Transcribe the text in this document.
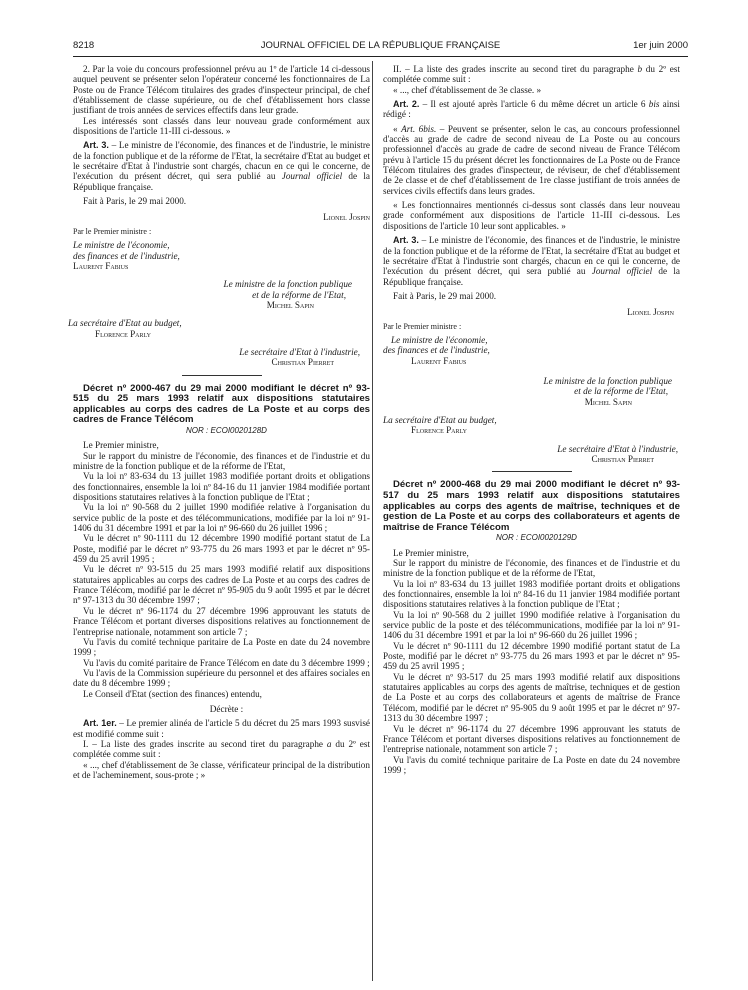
8218	JOURNAL OFFICIEL DE LA RÉPUBLIQUE FRANÇAISE	1er juin 2000

2. Par la voie du concours professionnel prévu au 1º de l'article 14 ci-dessous auquel peuvent se présenter selon l'opérateur concerné les fonctionnaires de La Poste ou de France Télécom titulaires des grades d'inspecteur principal, de chef d'établissement de classe supérieure, ou de chef d'établissement hors classe justifiant de trois années de services effectifs dans leur grade.

Les intéressés sont classés dans leur nouveau grade conformément aux dispositions de l'article 11-III ci-dessous. »

Art. 3. – Le ministre de l'économie, des finances et de l'industrie, le ministre de la fonction publique et de la réforme de l'Etat, la secrétaire d'Etat au budget et le secrétaire d'Etat à l'industrie sont chargés, chacun en ce qui le concerne, de l'exécution du présent décret, qui sera publié au Journal officiel de la République française.

Fait à Paris, le 29 mai 2000.

Lionel Jospin

Par le Premier ministre :

Le ministre de l'économie,

des finances et de l'industrie,

Laurent Fabius

Le ministre de la fonction publique

et de la réforme de l'Etat,

Michel Sapin

La secrétaire d'Etat au budget,

Florence Parly

Le secrétaire d'Etat à l'industrie,

Christian Pierret

Décret nº 2000-467 du 29 mai 2000 modifiant le décret nº 93-515 du 25 mars 1993 relatif aux dispositions statutaires applicables au corps des cadres de La Poste et au corps des cadres de France Télécom

NOR : ECOI0020128D

Le Premier ministre,

Sur le rapport du ministre de l'économie, des finances et de l'industrie et du ministre de la fonction publique et de la réforme de l'Etat,

Vu la loi nº 83-634 du 13 juillet 1983 modifiée portant droits et obligations des fonctionnaires, ensemble la loi nº 84-16 du 11 janvier 1984 modifiée portant dispositions statutaires relatives à la fonction publique de l'Etat ;

Vu la loi nº 90-568 du 2 juillet 1990 modifiée relative à l'organisation du service public de la poste et des télécommunications, modifiée par la loi nº 91-1406 du 31 décembre 1991 et par la loi nº 96-660 du 26 juillet 1996 ;

Vu le décret nº 90-1111 du 12 décembre 1990 modifié portant statut de La Poste, modifié par le décret nº 93-775 du 26 mars 1993 et par le décret nº 95-459 du 25 avril 1995 ;

Vu le décret nº 93-515 du 25 mars 1993 modifié relatif aux dispositions statutaires applicables au corps des cadres de La Poste et au corps des cadres de France Télécom, modifié par le décret nº 95-905 du 9 août 1995 et par le décret nº 97-1313 du 30 décembre 1997 ;

Vu le décret nº 96-1174 du 27 décembre 1996 approuvant les statuts de France Télécom et portant diverses dispositions relatives au fonctionnement de l'entreprise nationale, notamment son article 7 ;

Vu l'avis du comité technique paritaire de La Poste en date du 24 novembre 1999 ;

Vu l'avis du comité paritaire de France Télécom en date du 3 décembre 1999 ;

Vu l'avis de la Commission supérieure du personnel et des affaires sociales en date du 8 décembre 1999 ;

Le Conseil d'Etat (section des finances) entendu,

Décrète :

Art. 1er. – Le premier alinéa de l'article 5 du décret du 25 mars 1993 susvisé est modifié comme suit :

I. – La liste des grades inscrite au second tiret du paragraphe a du 2º est complétée comme suit :

« ..., chef d'établissement de 3e classe, vérificateur principal de la distribution et de l'acheminement, sous-prote ; »

II. – La liste des grades inscrite au second tiret du paragraphe b du 2º est complétée comme suit :

« ..., chef d'établissement de 3e classe. »

Art. 2. – Il est ajouté après l'article 6 du même décret un article 6 bis ainsi rédigé :

« Art. 6bis. – Peuvent se présenter, selon le cas, au concours professionnel d'accès au grade de cadre de second niveau de La Poste ou au concours professionnel d'accès au grade de cadre de second niveau de France Télécom prévu à l'article 15 du présent décret les fonctionnaires de La Poste ou de France Télécom titulaires des grades d'inspecteur, de réviseur, de chef d'établissement de 2e classe et de chef d'établissement de 1re classe justifiant de trois années de services civils effectifs dans leurs grades.

« Les fonctionnaires mentionnés ci-dessus sont classés dans leur nouveau grade conformément aux dispositions de l'article 11-III ci-dessous. Les dispositions de l'article 10 leur sont applicables. »

Art. 3. – Le ministre de l'économie, des finances et de l'industrie, le ministre de la fonction publique et de la réforme de l'Etat, la secrétaire d'Etat au budget et le secrétaire d'Etat à l'industrie sont chargés, chacun en ce qui le concerne, de l'exécution du présent décret, qui sera publié au Journal officiel de la République française.

Fait à Paris, le 29 mai 2000.

Lionel Jospin

Par le Premier ministre :

Le ministre de l'économie,

des finances et de l'industrie,

Laurent Fabius

Le ministre de la fonction publique

et de la réforme de l'Etat,

Michel Sapin

La secrétaire d'Etat au budget,

Florence Parly

Le secrétaire d'Etat à l'industrie,

Christian Pierret

Décret nº 2000-468 du 29 mai 2000 modifiant le décret nº 93-517 du 25 mars 1993 relatif aux dispositions statutaires applicables au corps des agents de maîtrise, techniques et de gestion de La Poste et au corps des collaborateurs et agents de maîtrise de France Télécom

NOR : ECOI0020129D

Le Premier ministre,

Sur le rapport du ministre de l'économie, des finances et de l'industrie et du ministre de la fonction publique et de la réforme de l'Etat,

Vu la loi nº 83-634 du 13 juillet 1983 modifiée portant droits et obligations des fonctionnaires, ensemble la loi nº 84-16 du 11 janvier 1984 modifiée portant dispositions statutaires relatives à la fonction publique de l'Etat ;

Vu la loi nº 90-568 du 2 juillet 1990 modifiée relative à l'organisation du service public de la poste et des télécommunications, modifiée par la loi nº 91-1406 du 31 décembre 1991 et par la loi nº 96-660 du 26 juillet 1996 ;

Vu le décret nº 90-1111 du 12 décembre 1990 modifié portant statut de La Poste, modifié par le décret nº 93-775 du 26 mars 1993 et par le décret nº 95-459 du 25 avril 1995 ;

Vu le décret nº 93-517 du 25 mars 1993 modifié relatif aux dispositions statutaires applicables au corps des agents de maîtrise, techniques et de gestion de La Poste et au corps des collaborateurs et agents de maîtrise de France Télécom, modifié par le décret nº 95-905 du 9 août 1995 et par le décret nº 97-1313 du 30 décembre 1997 ;

Vu le décret nº 96-1174 du 27 décembre 1996 approuvant les statuts de France Télécom et portant diverses dispositions relatives au fonctionnement de l'entreprise nationale, notamment son article 7 ;

Vu l'avis du comité technique paritaire de La Poste en date du 24 novembre 1999 ;
